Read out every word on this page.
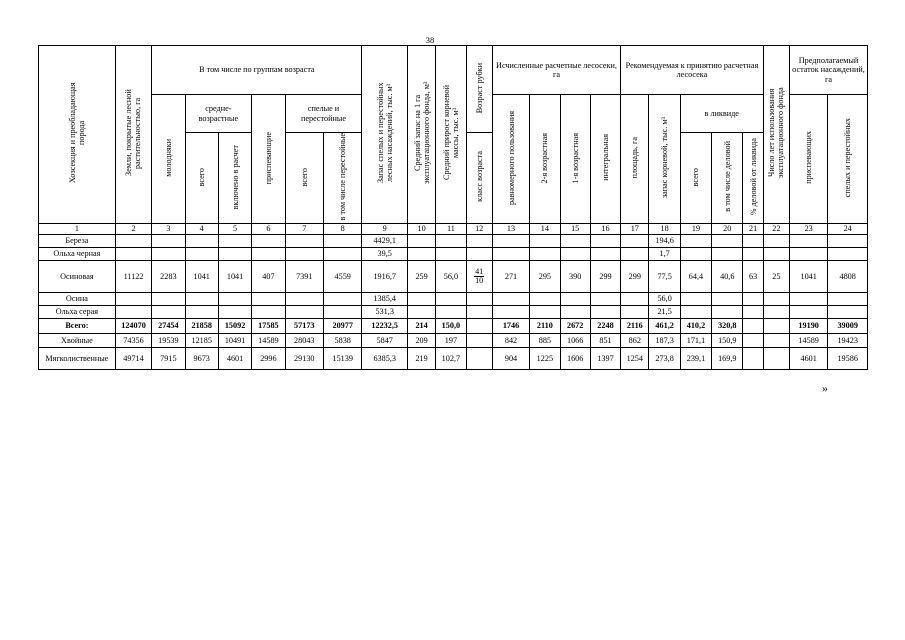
38
Хозсекция и преобладающая порода	Земли, покрытые лесной растительностью, га	В том числе по группам возраста						Запас спелых и перестойных лесных насаждений, тыс. м³	Средний запас на 1 га эксплуатационного фонда, м³	Средний прирост корневой массы, тыс. м³	Возраст рубки	Исчисленные расчетные лесосеки, га				Рекомендуемая к принятию расчетная лесосека					Число лет использования эксплуатационного фонда	Предполагаемый остаток насаждений, га	

		молодняки	средне-возрастные		приспевающие	спелые и перестойные						равномерного пользования	2-я возрастная	1-я возрастная	интегральная	площадь, га	запас корневой, тыс. м³	в ликвиде				приспевающих	спелых и перестойных
			всего	включено в расчет		всего	в том числе перестойные				класс возраста							всего	в том числе деловой	% деловой от ликвида			
1	2	3	4	5	6	7	8	9	10	11	12	13	14	15	16	17	18	19	20	21	22	23	24
Береза								4429,1									194,6						
Ольха черная								39,5									1,7						
Осиновая	11122	2283	1041	1041	407	7391	4559	1916,7	259	56,0	$\frac{41}{10}$	271	295	390	299	299	77,5	64,4	40,6	63	25	1041	4808
Осина								1385,4									56,0						
Ольха серая								531,3									21,5						
Всего:	124070	27454	21858	15092	17585	57173	20977	12232,5	214	150,0		1746	2110	2672	2248	2116	461,2	410,2	320,8			19190	39009
Хвойные	74356	19539	12185	10491	14589	28043	5838	5847	209	197		842	885	1066	851	862	187,3	171,1	150,9			14589	19423
Мягколиственные	49714	7915	9673	4601	2996	29130	15139	6385,3	219	102,7		904	1225	1606	1397	1254	273,8	239,1	169,9			4601	19586
»
